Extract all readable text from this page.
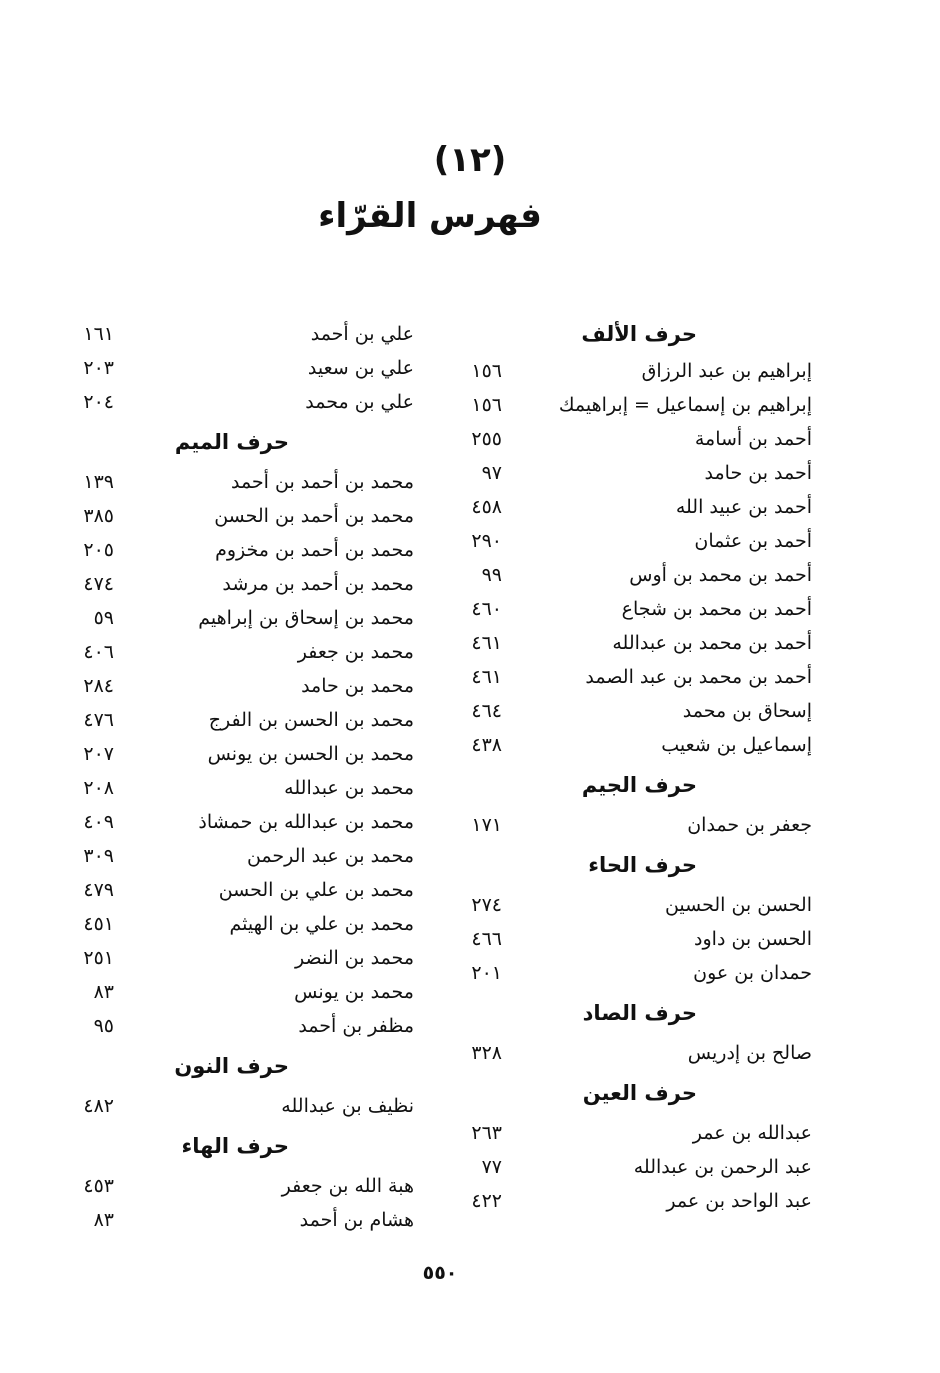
(١٢)
فهرس القرّاء
حرف الألف
إبراهيم بن عبد الرزاق
١٥٦
إبراهيم بن إسماعيل = إبراهيمك
١٥٦
أحمد بن أسامة
٢٥٥
أحمد بن حامد
٩٧
أحمد بن عبيد الله
٤٥٨
أحمد بن عثمان
٢٩٠
أحمد بن محمد بن أوس
٩٩
أحمد بن محمد بن شجاع
٤٦٠
أحمد بن محمد بن عبدالله
٤٦١
أحمد بن محمد بن عبد الصمد
٤٦١
إسحاق بن محمد
٤٦٤
إسماعيل بن شعيب
٤٣٨
حرف الجيم
جعفر بن حمدان
١٧١
حرف الحاء
الحسن بن الحسين
٢٧٤
الحسن بن داود
٤٦٦
حمدان بن عون
٢٠١
حرف الصاد
صالح بن إدريس
٣٢٨
حرف العين
عبدالله بن عمر
٢٦٣
عبد الرحمن بن عبدالله
٧٧
عبد الواحد بن عمر
٤٢٢
علي بن أحمد
١٦١
علي بن سعيد
٢٠٣
علي بن محمد
٢٠٤
حرف الميم
محمد بن أحمد بن أحمد
١٣٩
محمد بن أحمد بن الحسن
٣٨٥
محمد بن أحمد بن مخزوم
٢٠٥
محمد بن أحمد بن مرشد
٤٧٤
محمد بن إسحاق بن إبراهيم
٥٩
محمد بن جعفر
٤٠٦
محمد بن حامد
٢٨٤
محمد بن الحسن بن الفرج
٤٧٦
محمد بن الحسن بن يونس
٢٠٧
محمد بن عبدالله
٢٠٨
محمد بن عبدالله بن حمشاذ
٤٠٩
محمد بن عبد الرحمن
٣٠٩
محمد بن علي بن الحسن
٤٧٩
محمد بن علي بن الهيثم
٤٥١
محمد بن النضر
٢٥١
محمد بن يونس
٨٣
مظفر بن أحمد
٩٥
حرف النون
نظيف بن عبدالله
٤٨٢
حرف الهاء
هبة الله بن جعفر
٤٥٣
هشام بن أحمد
٨٣
٥٥٠
